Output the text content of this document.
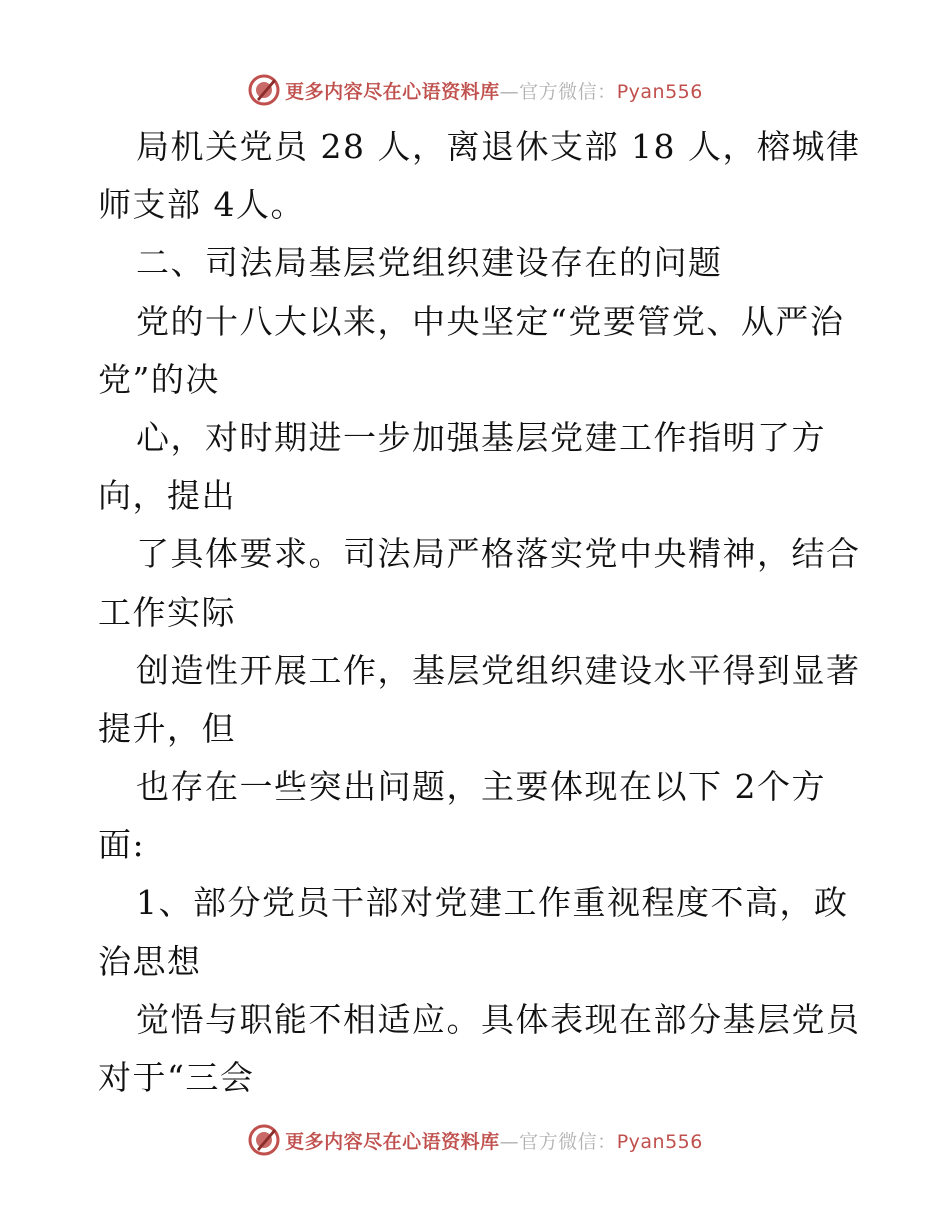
更多内容尽在心语资料库—官方微信：Pyan556
局机关党员 28 人，离退休支部 18 人，榕城律
师支部 4人。
二、司法局基层党组织建设存在的问题
党的十八大以来，中央坚定“党要管党、从严治
党”的决
心，对时期进一步加强基层党建工作指明了方
向，提出
了具体要求。司法局严格落实党中央精神，结合
工作实际
创造性开展工作，基层党组织建设水平得到显著
提升，但
也存在一些突出问题，主要体现在以下 2个方
面:
1、部分党员干部对党建工作重视程度不高，政
治思想
觉悟与职能不相适应。具体表现在部分基层党员
对于“三会
更多内容尽在心语资料库—官方微信：Pyan556
